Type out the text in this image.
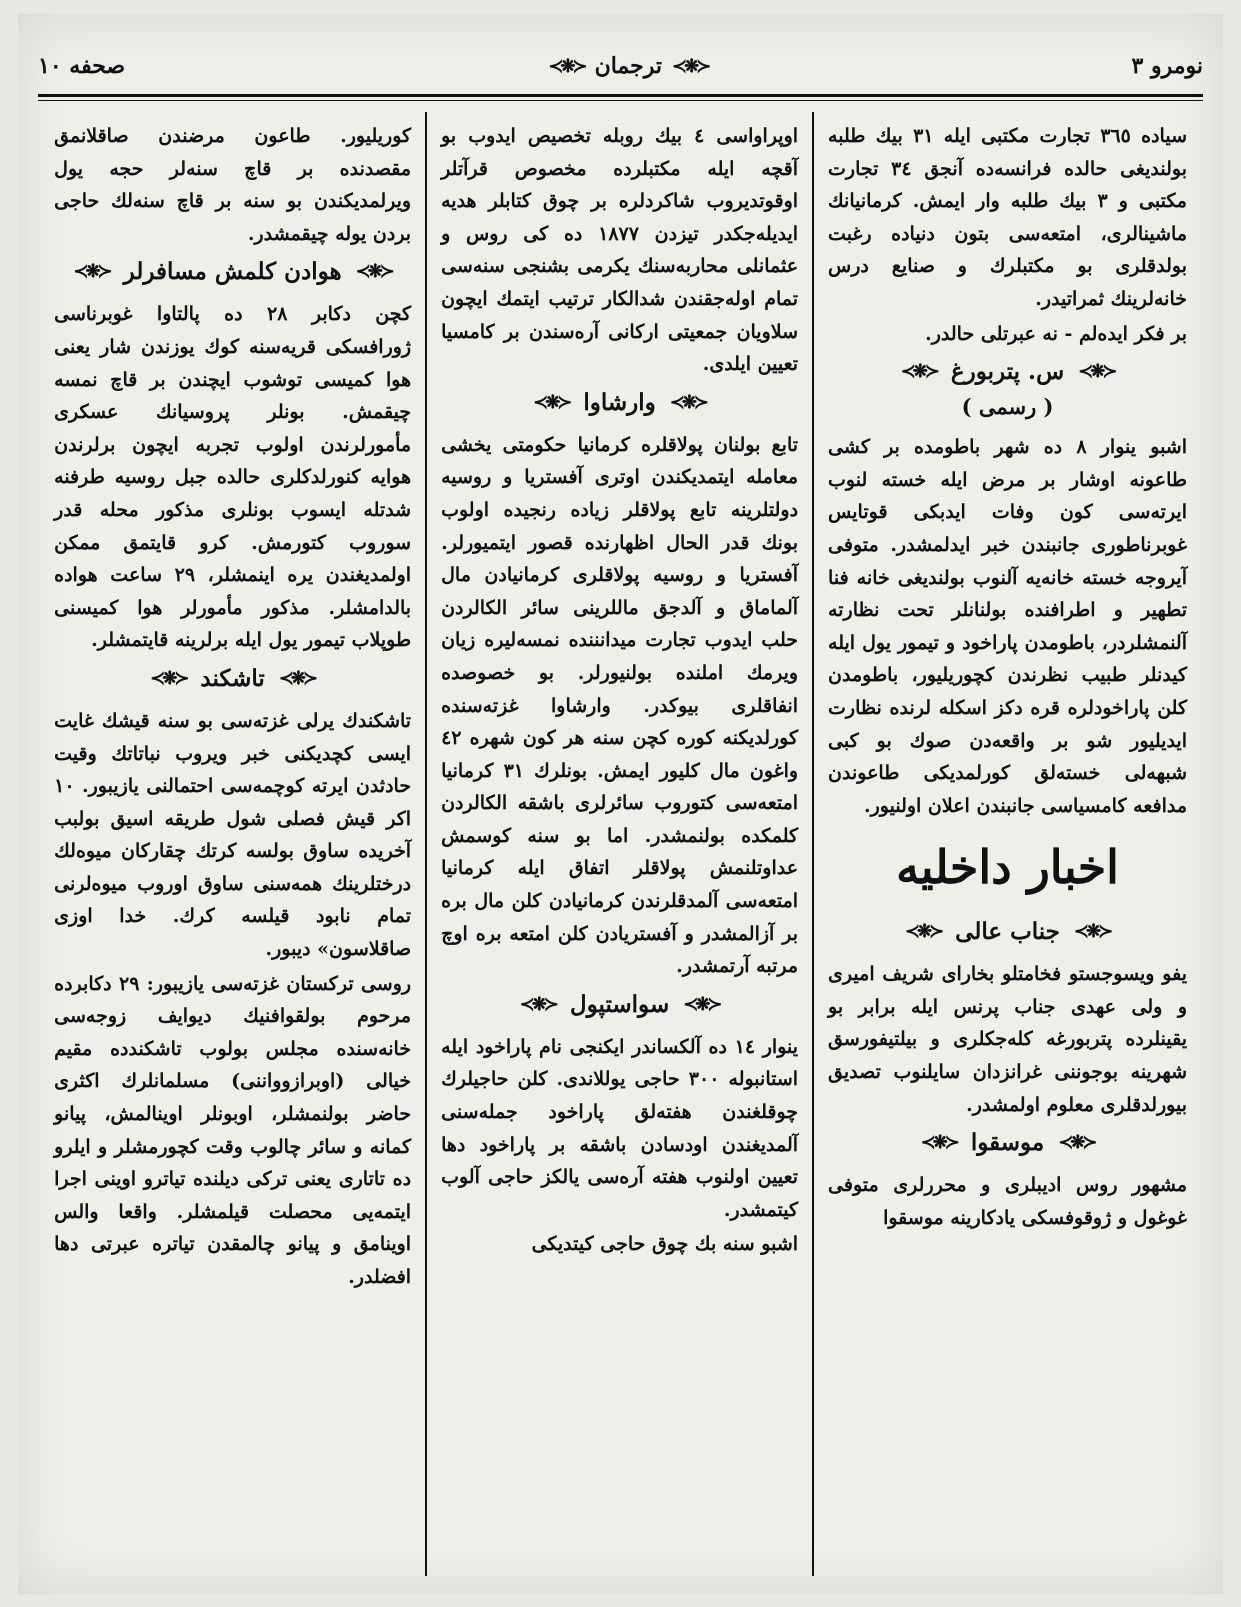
نومرو ٣
≺❋≻
ترجمان
≺❋≻
صحفه ١٠

سياده ٣٦٥ تجارت مكتبى ايله ٣١ بيك طلبه بولنديغى حالده فرانسه‌ده آنجق ٣٤ تجارت مكتبى و ٣ بيك طلبه وار ايمش. كرمانيانك ماشينالرى، امتعه‌سى بتون دنياده رغبت بولدقلرى بو مكتبلرك و صنايع درس خانه‌لرينك ثمراتيدر.

بر فكر ايده‌لم - نه عبرتلى حالدر.

≺❋≻
س. پتربورغ
≺❋≻
( رسمى )

اشبو ينوار ٨ ده شهر باطومده بر كشى طاعونه اوشار بر مرض ايله خسته لنوب ايرته‌سى كون وفات ايدبكى قوتايس غوبرناطورى جانبندن خبر ايدلمشدر. متوفى آيروجه خسته خانه‌يه آلنوب بولنديغى خانه فنا تطهير و اطرافنده بولنانلر تحت نظارته آلنمشلردر، باطومدن پاراخود و تيمور يول ايله كيدنلر طبيب نظرندن كچوريليور، باطومدن كلن پاراخودلره قره دكز اسكله لرنده نظارت ايديليور شو بر واقعه‌دن صوك بو كبى شبهه‌لى خسته‌لق كورلمديكى طاعوندن مدافعه كامسياسى جانبندن اعلان اولنيور.

اخبار داخليه
≺❋≻
جناب عالى
≺❋≻

يفو ويسوجستو فخامتلو بخاراى شريف اميرى و ولى عهدى جناب پرنس ايله برابر بو يقينلرده پتربورغه كله‌جكلرى و بيلتيفورسق شهرينه بوجوننى غرانزدان سايلنوب تصديق بيورلدقلرى معلوم اولمشدر.

≺❋≻
موسقوا
≺❋≻

مشهور روس اديبلرى و محررلرى متوفى غوغول و ژوقوفسكى يادكارينه موسقوا

اوپراواسى ٤ بيك روبله تخصيص ايدوب بو آقچه ايله مكتبلرده مخصوص قرآتلر اوقوتديروب شاكردلره بر چوق كتابلر هديه ايديله‌جكدر تيزدن ١٨٧٧ ده كى روس و عثمانلى محاربه‌سنك يكرمى بشنجى سنه‌سى تمام اوله‌جقندن شدالكار ترتيب ايتمك ايچون سلاويان جمعيتى اركانى آره‌سندن بر كامسيا تعيين ايلدى.

≺❋≻
وارشاوا
≺❋≻

تابع بولنان پولاقلره كرمانيا حكومتى يخشى معامله ايتمديكندن اوترى آفستريا و روسيه دولتلرينه تابع پولاقلر زياده رنجيده اولوب بونك قدر الحال اظهارنده قصور ايتميورلر. آفستريا و روسيه پولاقلرى كرمانيادن مال آلماماق و آلدجق ماللرينى سائر الكالردن حلب ايدوب تجارت ميدانننده نمسه‌ليره زيان ويرمك املنده بولنيورلر. بو خصوصده انفاقلرى بيوكدر. وارشاوا غزته‌سنده كورلديكنه كوره كچن سنه هر كون شهره ٤٢ واغون مال كليور ايمش. بونلرك ٣١ كرمانيا امتعه‌سى كتوروب سائرلرى باشقه الكالردن كلمكده بولنمشدر. اما بو سنه كوسمش عداوتلنمش پولاقلر اتفاق ايله كرمانيا امتعه‌سى آلمدقلرندن كرمانيادن كلن مال بره بر آزالمشدر و آفستريادن كلن امتعه بره اوچ مرتبه آرتمشدر.

≺❋≻
سواستپول
≺❋≻

ينوار ١٤ ده آلكساندر ايكنجى نام پاراخود ايله استانبوله ٣٠٠ حاجى يوللاندى. كلن حاجيلرك چوقلغندن هفته‌لق پاراخود جمله‌سنى آلمديغندن اودسادن باشقه بر پاراخود دها تعيين اولنوب هفته آره‌سى يالكز حاجى آلوب كيتمشدر.

اشبو سنه بك چوق حاجى كيتديكى

كوريليور. طاعون مرضندن صاقلانمق مقصدنده بر قاچ سنه‌لر حجه يول ويرلمديكندن بو سنه بر قاچ سنه‌لك حاجى بردن يوله چيقمشدر.

≺❋≻
هوادن كلمش مسافرلر
≺❋≻

كچن دكابر ٢٨ ده پالتاوا غوبرناسى ژورافسكى قريه‌سنه كوك يوزندن شار يعنى هوا كميسى توشوب ايچندن بر قاچ نمسه چيقمش. بونلر پروسيانك عسكرى مأمورلرندن اولوب تجربه ايچون برلرندن هوايه كنورلدكلرى حالده جبل روسيه طرفنه شدتله ايسوب بونلرى مذكور محله قدر سوروب كتورمش. كرو قايتمق ممكن اولمديغندن يره اينمشلر، ٢٩ ساعت هواده بالدامشلر. مذكور مأمورلر هوا كميسنى طوپلاب تيمور يول ايله برلرينه قايتمشلر.

≺❋≻
تاشكند
≺❋≻

تاشكندك يرلى غزته‌سى بو سنه قيشك غايت ايسى كچديكنى خبر ويروب نباتاتك وقيت حادثدن ايرته كوچمه‌سى احتمالنى يازيبور. ١٠ اكر قيش فصلى شول طريقه اسيق بولبب آخريده ساوق بولسه كرتك چقاركان ميوه‌لك درختلرينك همه‌سنى ساوق اوروب ميوه‌لرنى تمام نابود قيلسه كرك. خدا اوزى صاقلاسون» ديبور.

روسى تركستان غزته‌سى يازيبور: ٢٩ دكابرده مرحوم بولقوافنيك ديوايف زوجه‌سى خانه‌سنده مجلس بولوب تاشكندده مقيم خيالى (اوبرازوواننى) مسلمانلرك اكثرى حاضر بولنمشلر، اوبونلر اوينالمش، پيانو كمانه و سائر چالوب وقت كچورمشلر و ايلرو ده تاتارى يعنى تركى ديلنده تياترو اوينى اجرا ايتمه‌يى محصلت قيلمشلر. واقعا والس اوينامق و پيانو چالمقدن تياتره عبرتى دها افضلدر.
